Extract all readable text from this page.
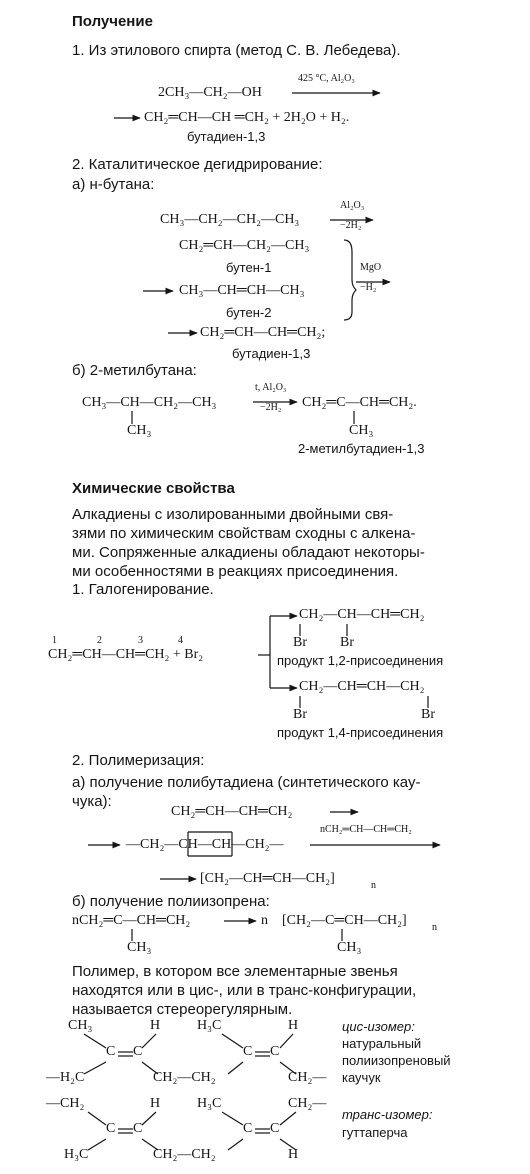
Получение
1. Из этилового спирта (метод С. В. Лебедева).
2CH₃—CH₂—OH
425 °C, Al₂O₃
CH₂═CH—CH ═CH₂ + 2H₂O + H₂.
бутадиен-1,3
2. Каталитическое дегидрирование:
а) н-бутана:
CH₃—CH₂—CH₂—CH₃
Al₂O₃
−2H₂
CH₂═CH—CH₂—CH₃
бутен-1
CH₃—CH═CH—CH₃
бутен-2
MgO
−H₂
CH₂═CH—CH═CH₂;
бутадиен-1,3
б) 2-метилбутана:
CH₃—CH—CH₂—CH₃
CH₃
t, Al₂O₃
−2H₂ CH₂═C—CH═CH₂.
CH₃
2-метилбутадиен-1,3
Химические свойства
Алкадиены с изолированными двойными свя-
зями по химическим свойствам сходны с алкена-
ми. Сопряженные алкадиены обладают некоторы-
ми особенностями в реакциях присоединения.
1. Галогенирование.
1	2	3	4
CH₂═CH—CH═CH₂ + Br₂
CH₂—CH—CH═CH₂
Br Br
продукт 1,2-присоединения
CH₂—CH═CH—CH₂
Br	Br
продукт 1,4-присоединения
2. Полимеризация:
а) получение полибутадиена (синтетического кау-
чука):
CH₂═CH—CH═CH₂
—CH₂—CH—CH—CH₂—
nCH₂═CH—CH═CH₂
[CH₂—CH═CH—CH₂]	n
б) получение полиизопрена:
nCH₂═C—CH═CH₂
CH₃
n [CH₂—C═CH—CH₂]	n
CH₃
Полимер, в котором все элементарные звенья
находятся или в цис-, или в транс-конфигурации,
называется стереорегулярным.
CH₃	H	H₃C	H
C C	C C
—H₂C	CH₂—CH₂	CH₂—
цис-изомер:
натуральный
полиизопреновый
каучук
—CH₂	H	H₃C	CH₂—
C C	C C
H₃C	CH₂—CH₂	H
транс-изомер:
гуттаперча
